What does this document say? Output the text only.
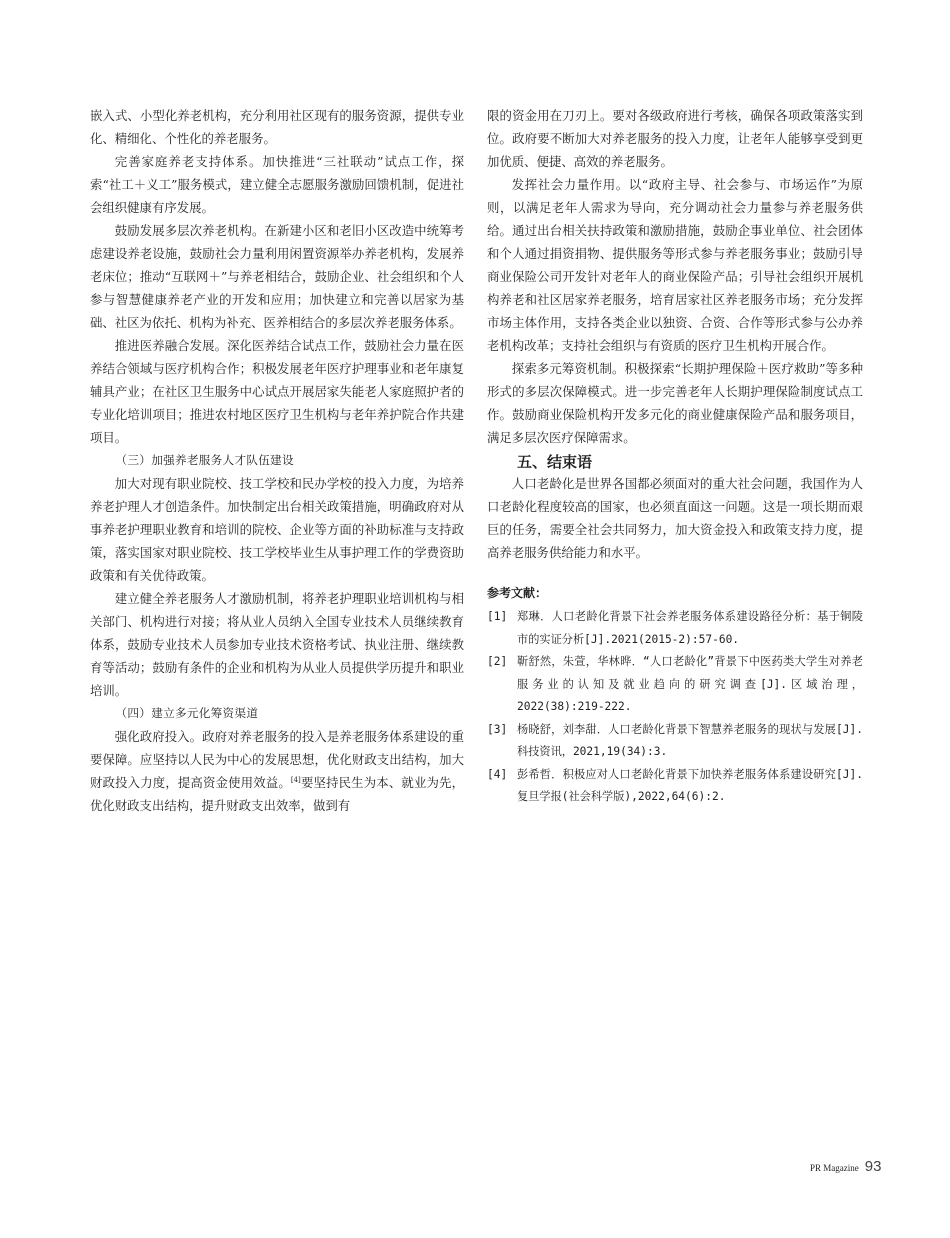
嵌入式、小型化养老机构，充分利用社区现有的服务资源，提供专业化、精细化、个性化的养老服务。

完善家庭养老支持体系。加快推进“三社联动”试点工作，探索“社工＋义工”服务模式，建立健全志愿服务激励回馈机制，促进社会组织健康有序发展。

鼓励发展多层次养老机构。在新建小区和老旧小区改造中统筹考虑建设养老设施，鼓励社会力量利用闲置资源举办养老机构，发展养老床位；推动“互联网＋”与养老相结合，鼓励企业、社会组织和个人参与智慧健康养老产业的开发和应用；加快建立和完善以居家为基础、社区为依托、机构为补充、医养相结合的多层次养老服务体系。

推进医养融合发展。深化医养结合试点工作，鼓励社会力量在医养结合领域与医疗机构合作；积极发展老年医疗护理事业和老年康复辅具产业；在社区卫生服务中心试点开展居家失能老人家庭照护者的专业化培训项目；推进农村地区医疗卫生机构与老年养护院合作共建项目。

（三）加强养老服务人才队伍建设

加大对现有职业院校、技工学校和民办学校的投入力度，为培养养老护理人才创造条件。加快制定出台相关政策措施，明确政府对从事养老护理职业教育和培训的院校、企业等方面的补助标准与支持政策，落实国家对职业院校、技工学校毕业生从事护理工作的学费资助政策和有关优待政策。

建立健全养老服务人才激励机制，将养老护理职业培训机构与相关部门、机构进行对接；将从业人员纳入全国专业技术人员继续教育体系，鼓励专业技术人员参加专业技术资格考试、执业注册、继续教育等活动；鼓励有条件的企业和机构为从业人员提供学历提升和职业培训。

（四）建立多元化筹资渠道

强化政府投入。政府对养老服务的投入是养老服务体系建设的重要保障。应坚持以人民为中心的发展思想，优化财政支出结构，加大财政投入力度，提高资金使用效益。[4]要坚持民生为本、就业为先，优化财政支出结构，提升财政支出效率，做到有

限的资金用在刀刃上。要对各级政府进行考核，确保各项政策落实到位。政府要不断加大对养老服务的投入力度，让老年人能够享受到更加优质、便捷、高效的养老服务。

发挥社会力量作用。以“政府主导、社会参与、市场运作”为原则，以满足老年人需求为导向，充分调动社会力量参与养老服务供给。通过出台相关扶持政策和激励措施，鼓励企事业单位、社会团体和个人通过捐资捐物、提供服务等形式参与养老服务事业；鼓励引导商业保险公司开发针对老年人的商业保险产品；引导社会组织开展机构养老和社区居家养老服务，培育居家社区养老服务市场；充分发挥市场主体作用，支持各类企业以独资、合资、合作等形式参与公办养老机构改革；支持社会组织与有资质的医疗卫生机构开展合作。

探索多元筹资机制。积极探索“长期护理保险＋医疗救助”等多种形式的多层次保障模式。进一步完善老年人长期护理保险制度试点工作。鼓励商业保险机构开发多元化的商业健康保险产品和服务项目，满足多层次医疗保障需求。

五、结束语

人口老龄化是世界各国都必须面对的重大社会问题，我国作为人口老龄化程度较高的国家，也必须直面这一问题。这是一项长期而艰巨的任务，需要全社会共同努力，加大资金投入和政策支持力度，提高养老服务供给能力和水平。

参考文献：

[1] 郑琳．人口老龄化背景下社会养老服务体系建设路径分析：基于铜陵市的实证分析[J].2021(2015-2):57-60.
[2] 靳舒然，朱萱，华林晔．“人口老龄化”背景下中医药类大学生对养老服务业的认知及就业趋向的研究调查[J].区域治理，2022(38):219-222.
[3] 杨晓舒，刘李甜．人口老龄化背景下智慧养老服务的现状与发展[J].科技资讯，2021,19(34):3.
[4] 彭希哲．积极应对人口老龄化背景下加快养老服务体系建设研究[J].复旦学报(社会科学版),2022,64(6):2.
PR Magazine 93
